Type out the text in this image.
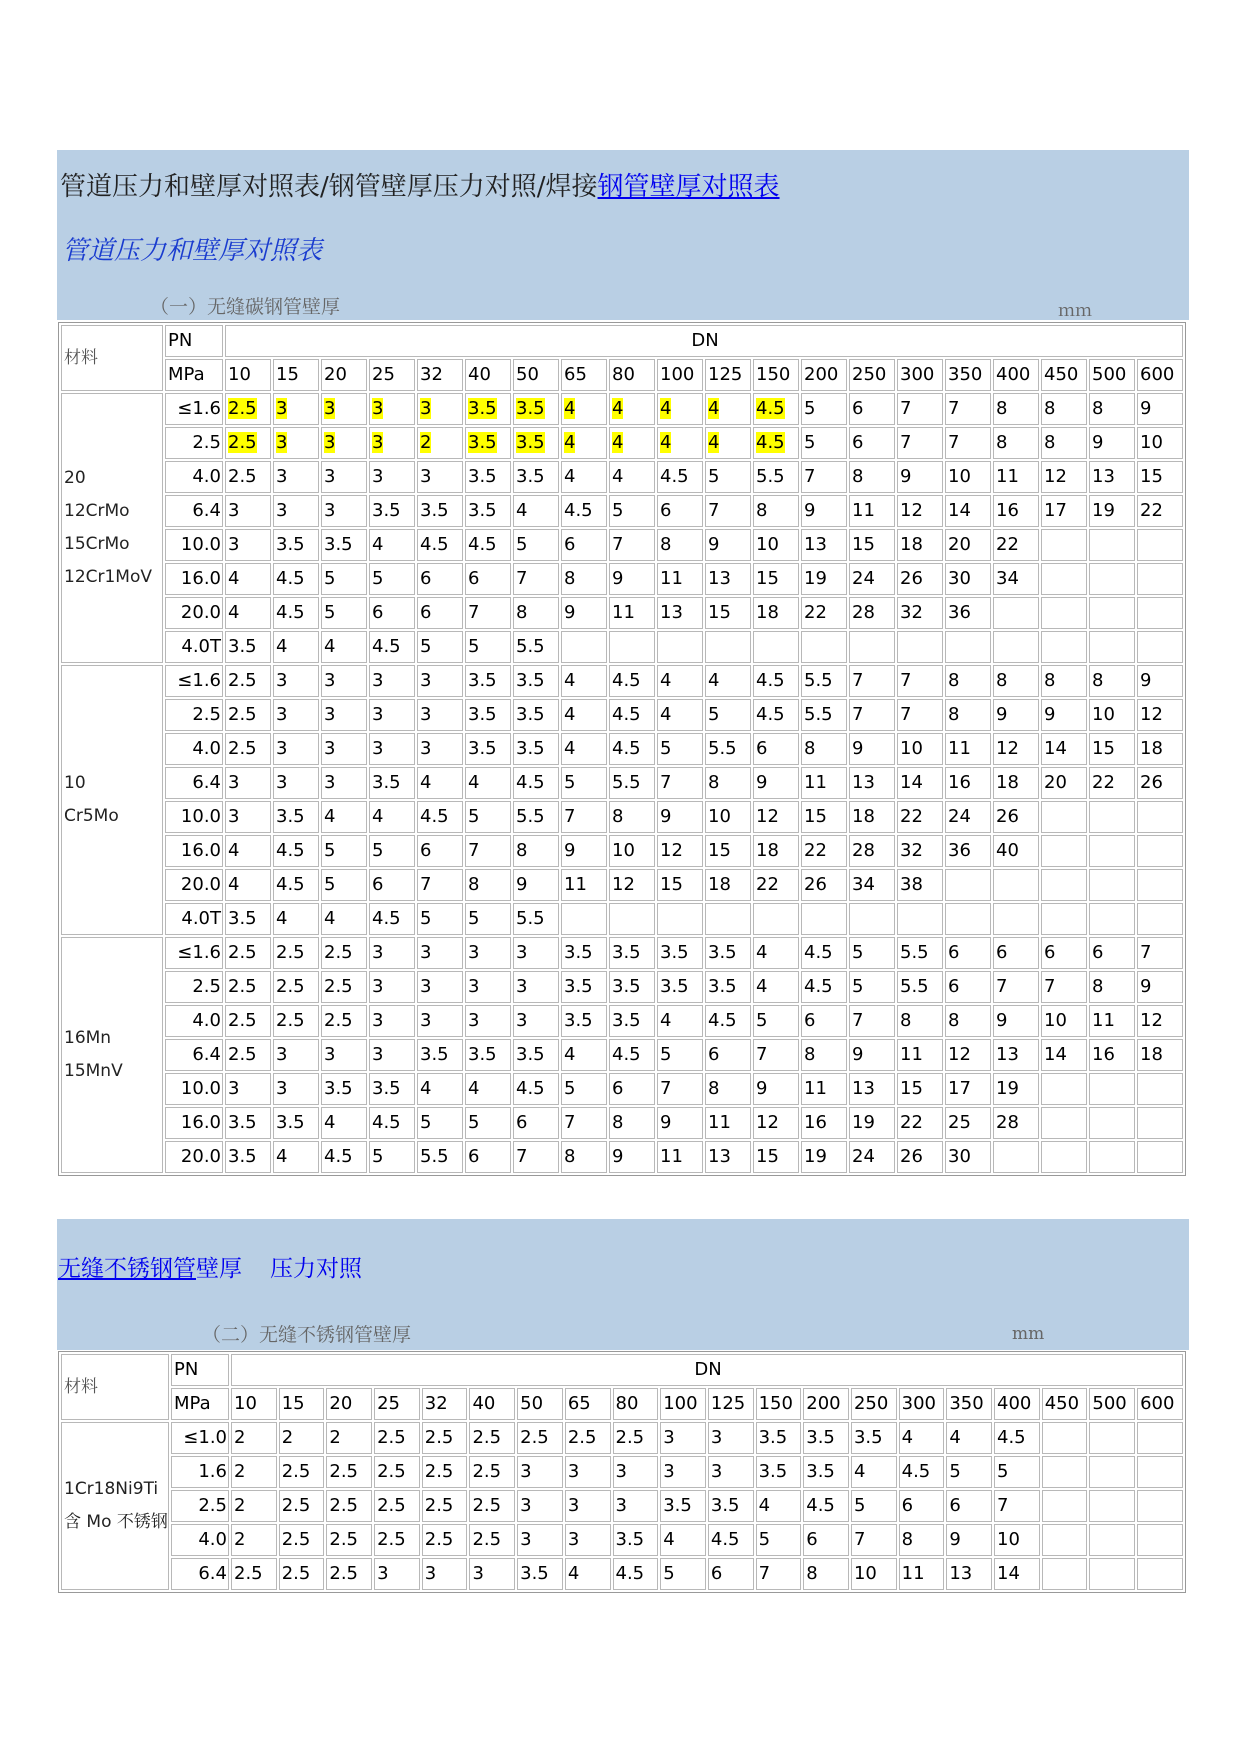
管道压力和壁厚对照表/钢管壁厚压力对照/焊接钢管壁厚对照表
管道压力和壁厚对照表
（一）无缝碳钢管壁厚	ｍｍ
材料	PN	DN																			
	MPa	10	15	20	25	32	40	50	65	80	100	125	150	200	250	300	350	400	450	500	600

20
12CrMo
15CrMo
12Cr1MoV	≤1.6	2.5	3	3	3	3	3.5	3.5	4	4	4	4	4.5	5	6	7	7	8	8	8	9
	2.5	2.5	3	3	3	2	3.5	3.5	4	4	4	4	4.5	5	6	7	7	8	8	9	10
	4.0	2.5	3	3	3	3	3.5	3.5	4	4	4.5	5	5.5	7	8	9	10	11	12	13	15
	6.4	3	3	3	3.5	3.5	3.5	4	4.5	5	6	7	8	9	11	12	14	16	17	19	22
	10.0	3	3.5	3.5	4	4.5	4.5	5	6	7	8	9	10	13	15	18	20	22			
	16.0	4	4.5	5	5	6	6	7	8	9	11	13	15	19	24	26	30	34			
	20.0	4	4.5	5	6	6	7	8	9	11	13	15	18	22	28	32	36				
	4.0T	3.5	4	4	4.5	5	5	5.5													

10
Cr5Mo	≤1.6	2.5	3	3	3	3	3.5	3.5	4	4.5	4	4	4.5	5.5	7	7	8	8	8	8	9
	2.5	2.5	3	3	3	3	3.5	3.5	4	4.5	4	5	4.5	5.5	7	7	8	9	9	10	12
	4.0	2.5	3	3	3	3	3.5	3.5	4	4.5	5	5.5	6	8	9	10	11	12	14	15	18
	6.4	3	3	3	3.5	4	4	4.5	5	5.5	7	8	9	11	13	14	16	18	20	22	26
	10.0	3	3.5	4	4	4.5	5	5.5	7	8	9	10	12	15	18	22	24	26			
	16.0	4	4.5	5	5	6	7	8	9	10	12	15	18	22	28	32	36	40			
	20.0	4	4.5	5	6	7	8	9	11	12	15	18	22	26	34	38					
	4.0T	3.5	4	4	4.5	5	5	5.5													

16Mn
15MnV	≤1.6	2.5	2.5	2.5	3	3	3	3	3.5	3.5	3.5	3.5	4	4.5	5	5.5	6	6	6	6	7
	2.5	2.5	2.5	2.5	3	3	3	3	3.5	3.5	3.5	3.5	4	4.5	5	5.5	6	7	7	8	9
	4.0	2.5	2.5	2.5	3	3	3	3	3.5	3.5	4	4.5	5	6	7	8	8	9	10	11	12
	6.4	2.5	3	3	3	3.5	3.5	3.5	4	4.5	5	6	7	8	9	11	12	13	14	16	18
	10.0	3	3	3.5	3.5	4	4	4.5	5	6	7	8	9	11	13	15	17	19			
	16.0	3.5	3.5	4	4.5	5	5	6	7	8	9	11	12	16	19	22	25	28			
	20.0	3.5	4	4.5	5	5.5	6	7	8	9	11	13	15	19	24	26	30				
无缝不锈钢管壁厚 压力对照
（二）无缝不锈钢管壁厚	mm
材料	PN	DN																			
	MPa	10	15	20	25	32	40	50	65	80	100	125	150	200	250	300	350	400	450	500	600

1Cr18Ni9Ti
含 Mo 不锈钢	≤1.0	2	2	2	2.5	2.5	2.5	2.5	2.5	2.5	3	3	3.5	3.5	3.5	4	4	4.5			
	1.6	2	2.5	2.5	2.5	2.5	2.5	3	3	3	3	3	3.5	3.5	4	4.5	5	5			
	2.5	2	2.5	2.5	2.5	2.5	2.5	3	3	3	3.5	3.5	4	4.5	5	6	6	7			
	4.0	2	2.5	2.5	2.5	2.5	2.5	3	3	3.5	4	4.5	5	6	7	8	9	10			
	6.4	2.5	2.5	2.5	3	3	3	3.5	4	4.5	5	6	7	8	10	11	13	14			
